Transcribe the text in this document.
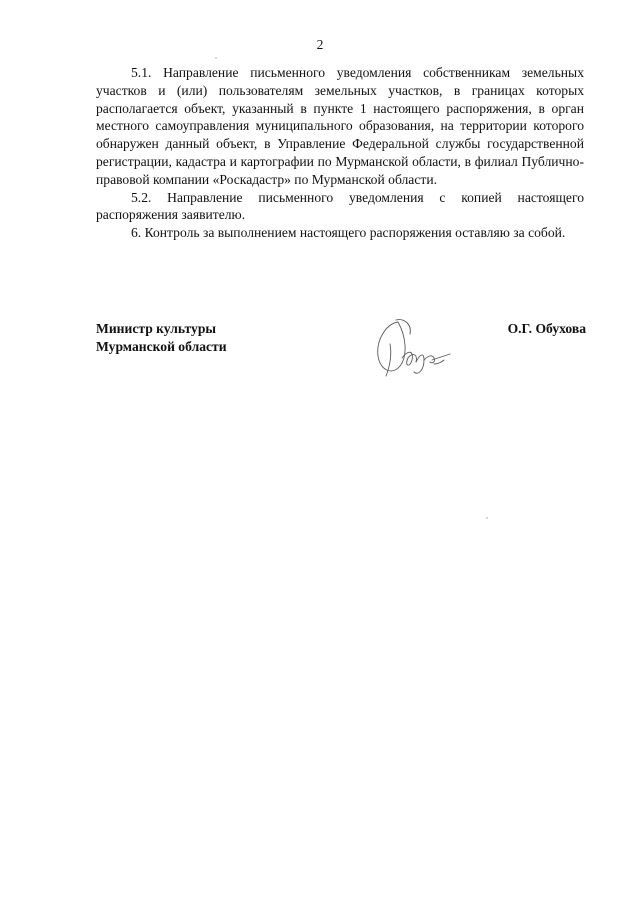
2

5.1. Направление письменного уведомления собственникам земельных участков и (или) пользователям земельных участков, в границах которых располагается объект, указанный в пункте 1 настоящего распоряжения, в орган местного самоуправления муниципального образования, на территории которого обнаружен данный объект, в Управление Федеральной службы государственной регистрации, кадастра и картографии по Мурманской области, в филиал Публично-правовой компании «Роскадастр» по Мурманской области.

5.2. Направление письменного уведомления с копией настоящего распоряжения заявителю.

6. Контроль за выполнением настоящего распоряжения оставляю за собой.

Министр культуры
Мурманской области
О.Г. Обухова
